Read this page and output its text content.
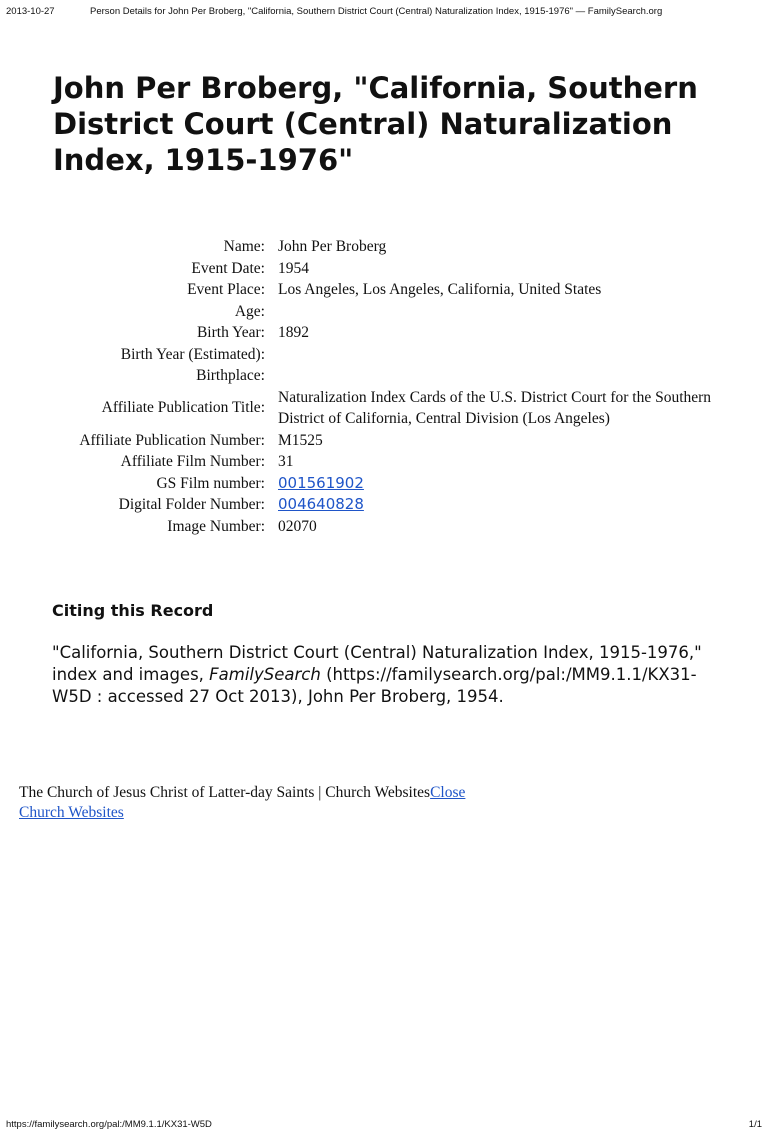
2013-10-27	Person Details for John Per Broberg, "California, Southern District Court (Central) Naturalization Index, 1915-1976" — FamilySearch.org
John Per Broberg, "California, Southern District Court (Central) Naturalization Index, 1915-1976"
Name:	John Per Broberg
Event Date:	1954
Event Place:	Los Angeles, Los Angeles, California, United States
Age:	
Birth Year:	1892
Birth Year (Estimated):	
Birthplace:	
Affiliate Publication Title:	Naturalization Index Cards of the U.S. District Court for the Southern District of California, Central Division (Los Angeles)
Affiliate Publication Number:	M1525
Affiliate Film Number:	31
GS Film number:	001561902
Digital Folder Number:	004640828
Image Number:	02070
Citing this Record

"California, Southern District Court (Central) Naturalization Index, 1915-1976," index and images, FamilySearch (https://familysearch.org/pal:/MM9.1.1/KX31-W5D : accessed 27 Oct 2013), John Per Broberg, 1954.

The Church of Jesus Christ of Latter-day Saints | Church WebsitesClose
Church Websites
https://familysearch.org/pal:/MM9.1.1/KX31-W5D	1/1
